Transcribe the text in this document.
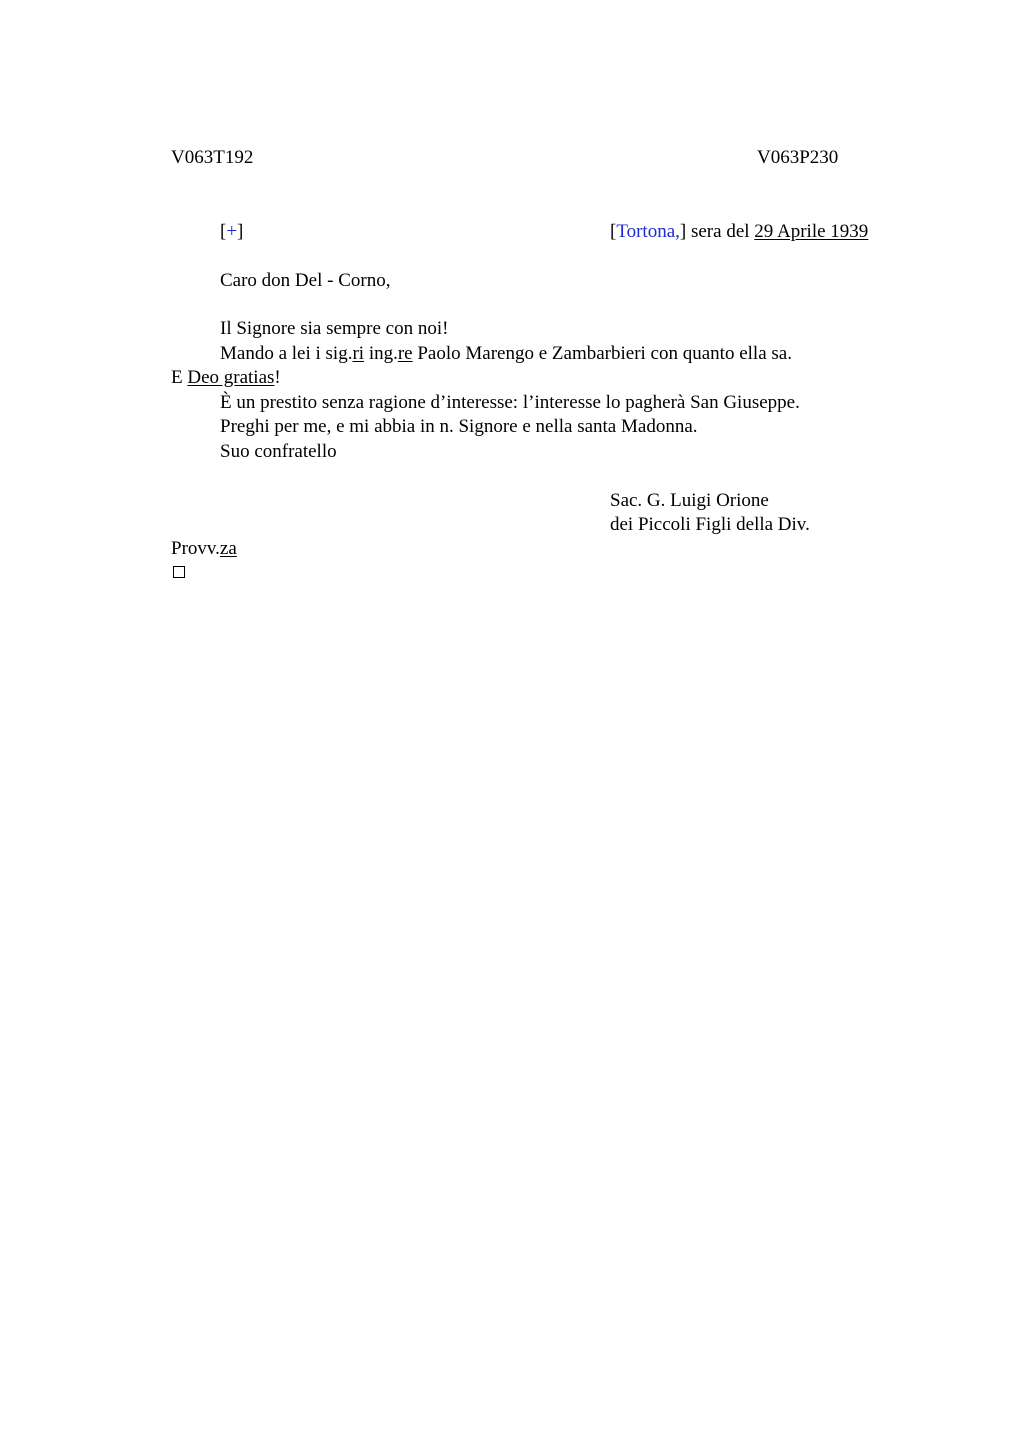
V063T192	V063P230
[+]	[Tortona,] sera del 29 Aprile 1939
Caro don Del - Corno,
Il Signore sia sempre con noi!
Mando a lei i sig.ri ing.re Paolo Marengo e Zambarbieri con quanto ella sa.
E Deo gratias!
È un prestito senza ragione d’interesse: l’interesse lo pagherà San Giuseppe.
Preghi per me, e mi abbia in n. Signore e nella santa Madonna.
Suo confratello
Sac. G. Luigi Orione
dei Piccoli Figli della Div.
Provv.za
